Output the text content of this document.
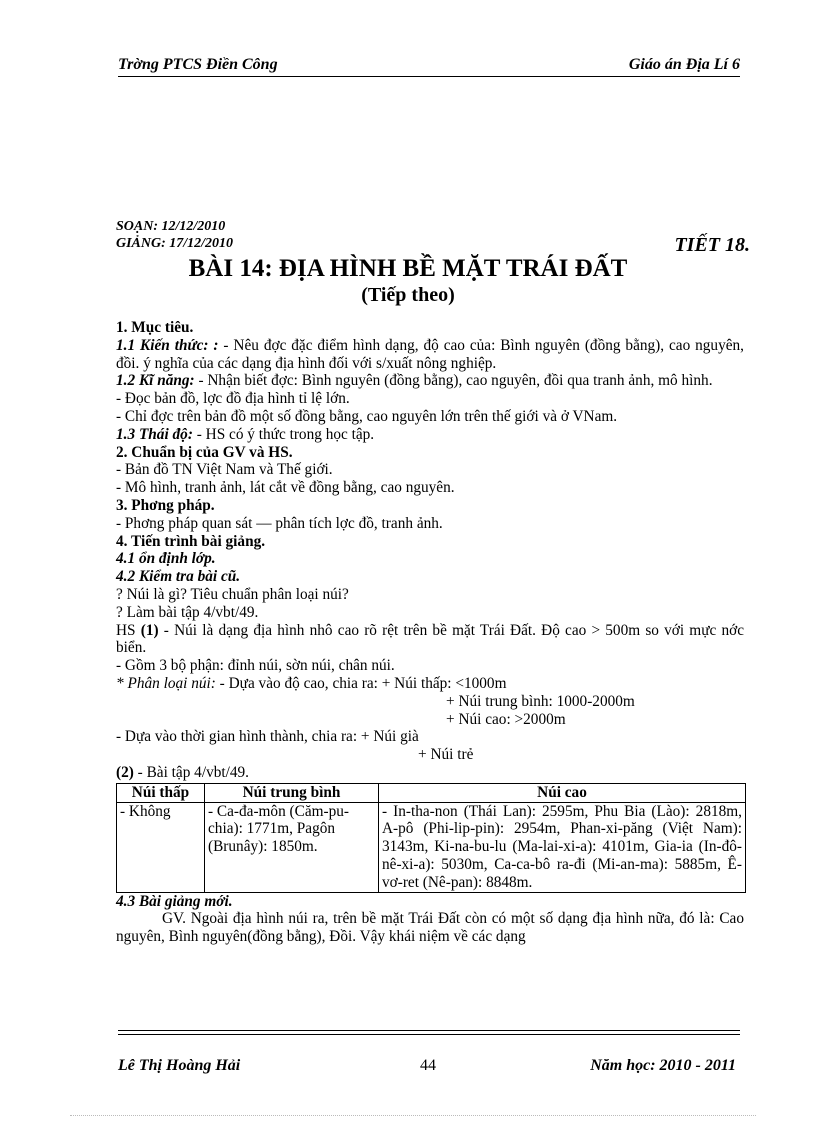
Trờng PTCS Điền Công	Giáo án Địa Lí 6
SOẠN: 12/12/2010
GIẢNG: 17/12/2010	TIẾT 18.
BÀI 14: ĐỊA HÌNH BỀ MẶT TRÁI ĐẤT
(Tiếp theo)

1. Mục tiêu.

1.1 Kiến thức: : - Nêu đợc đặc điểm hình dạng, độ cao của: Bình nguyên (đồng bằng), cao nguyên, đồi. ý nghĩa của các dạng địa hình đối với s/xuất nông nghiệp.

1.2 Kĩ năng: - Nhận biết đợc: Bình nguyên (đồng bằng), cao nguyên, đồi qua tranh ảnh, mô hình.

- Đọc bản đồ, lợc đồ địa hình tỉ lệ lớn.

- Chỉ đợc trên bản đồ một số đồng bằng, cao nguyên lớn trên thế giới và ở VNam.

1.3 Thái độ: - HS có ý thức trong học tập.

2. Chuẩn bị của GV và HS.

- Bản đồ TN Việt Nam và Thế giới.

- Mô hình, tranh ảnh, lát cắt về đồng bằng, cao nguyên.

3. Phơng pháp.

- Phơng pháp quan sát — phân tích lợc đồ, tranh ảnh.

4. Tiến trình bài giảng.

4.1 ổn định lớp.

4.2 Kiểm tra bài cũ.

? Núi là gì? Tiêu chuẩn phân loại núi?

? Làm bài tập 4/vbt/49.

HS (1) - Núi là dạng địa hình nhô cao rõ rệt trên bề mặt Trái Đất. Độ cao > 500m so với mực nớc biển.

- Gồm 3 bộ phận: đỉnh núi, sờn núi, chân núi.

* Phân loại núi: - Dựa vào độ cao, chia ra: + Núi thấp: <1000m

+ Núi trung bình: 1000-2000m

+ Núi cao: >2000m

- Dựa vào thời gian hình thành, chia ra: + Núi già

+ Núi trẻ

(2) - Bài tập 4/vbt/49.

Núi thấp	Núi trung bình	Núi cao
- Không	- Ca-đa-môn (Căm-pu-chia): 1771m, Pagôn (Brunây): 1850m.	- In-tha-non (Thái Lan): 2595m, Phu Bia (Lào): 2818m, A-pô (Phi-lip-pin): 2954m, Phan-xi-păng (Việt Nam): 3143m, Ki-na-bu-lu (Ma-lai-xi-a): 4101m, Gia-ia (In-đô-nê-xi-a): 5030m, Ca-ca-bô ra-đi (Mi-an-ma): 5885m, Ê-vơ-ret (Nê-pan): 8848m.

4.3 Bài giảng mới.

GV. Ngoài địa hình núi ra, trên bề mặt Trái Đất còn có một số dạng địa hình nữa, đó là: Cao nguyên, Bình nguyên(đồng bằng), Đồi. Vậy khái niệm về các dạng

Lê Thị Hoàng Hải	44	Năm học: 2010 - 2011
